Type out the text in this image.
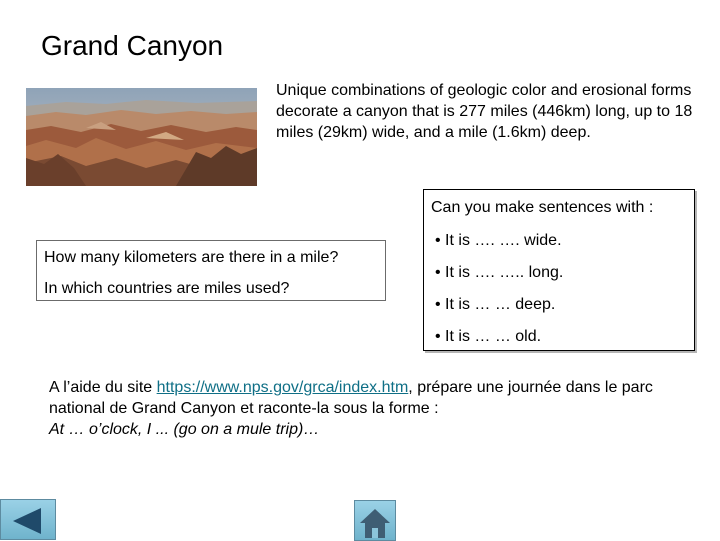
Grand Canyon

Unique combinations of geologic color and erosional forms decorate a canyon that is 277 miles (446km) long, up to 18 miles (29km) wide, and a mile (1.6km) deep.

How many kilometers are there in a mile?

In which countries are miles used?

Can you make sentences with :

• It is …. …. wide.
• It is …. ….. long.
• It is … … deep.
• It is … … old.

A l’aide du site https://www.nps.gov/grca/index.htm, prépare une journée dans le parc national de Grand Canyon et raconte-la sous la forme :
At … o’clock, I ... (go on a mule trip)…
